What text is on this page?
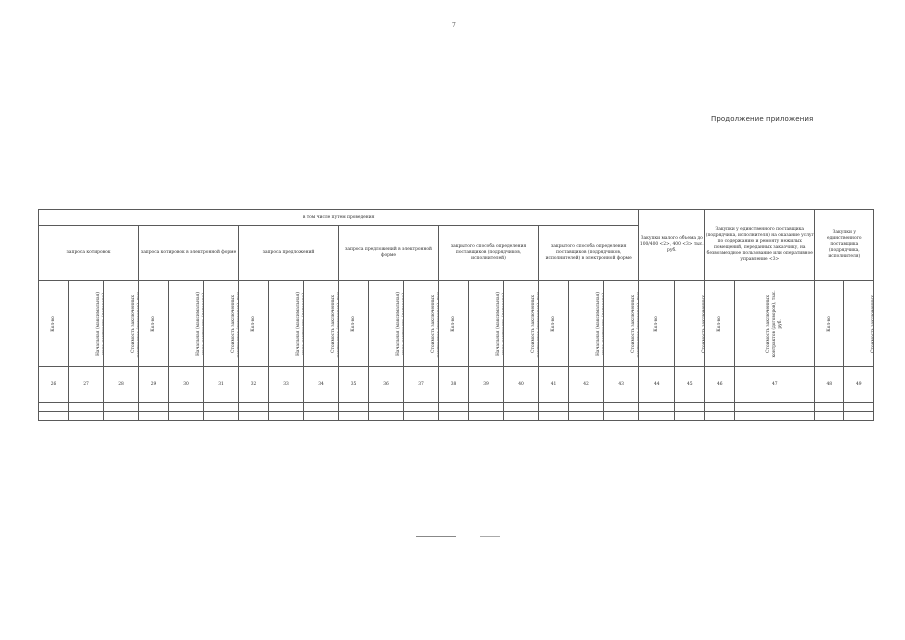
7
Продолжение приложения
в том числе путем проведения																		Закупки малого объема до 100/400 <2>, 400 <3> тыс. руб.		Закупки у единственного поставщика (подрядчика, исполнителя) на оказание услуг по содержанию и ремонту нежилых помещений, переданных заказчику, на безвозмездное пользование или оперативное управление <3>		Закупки у единственного поставщика (подрядчика, исполнителя)	
запроса котировок			запроса котировок в электронной форме			запроса предложений			запроса предложений в электронной форме			закрытого способа определения поставщиков (подрядчиков, исполнителей)			закрытого способа определения поставщиков (подрядчиков, исполнителей) в электронной форме								
Кол-во	Начальная (максимальная)	Стоимость заключенных	Кол-во	Начальная (максимальная)	Стоимость заключенных	Кол-во	Начальная (максимальная)	Стоимость заключенных	Кол-во	Начальная (максимальная)	Стоимость заключенных	Кол-во	Начальная (максимальная)	Стоимость заключенных	Кол-во	Начальная (максимальная)	Стоимость заключенных	Кол-во	Стоимость заключенных	Кол-во	Стоимость заключенных контрактов (договоров), тыс. руб.	Кол-во	Стоимость заключенных
26	27	28	29	30	31	32	33	34	35	36	37	38	39	40	41	42	43	44	45	46	47	48	49
